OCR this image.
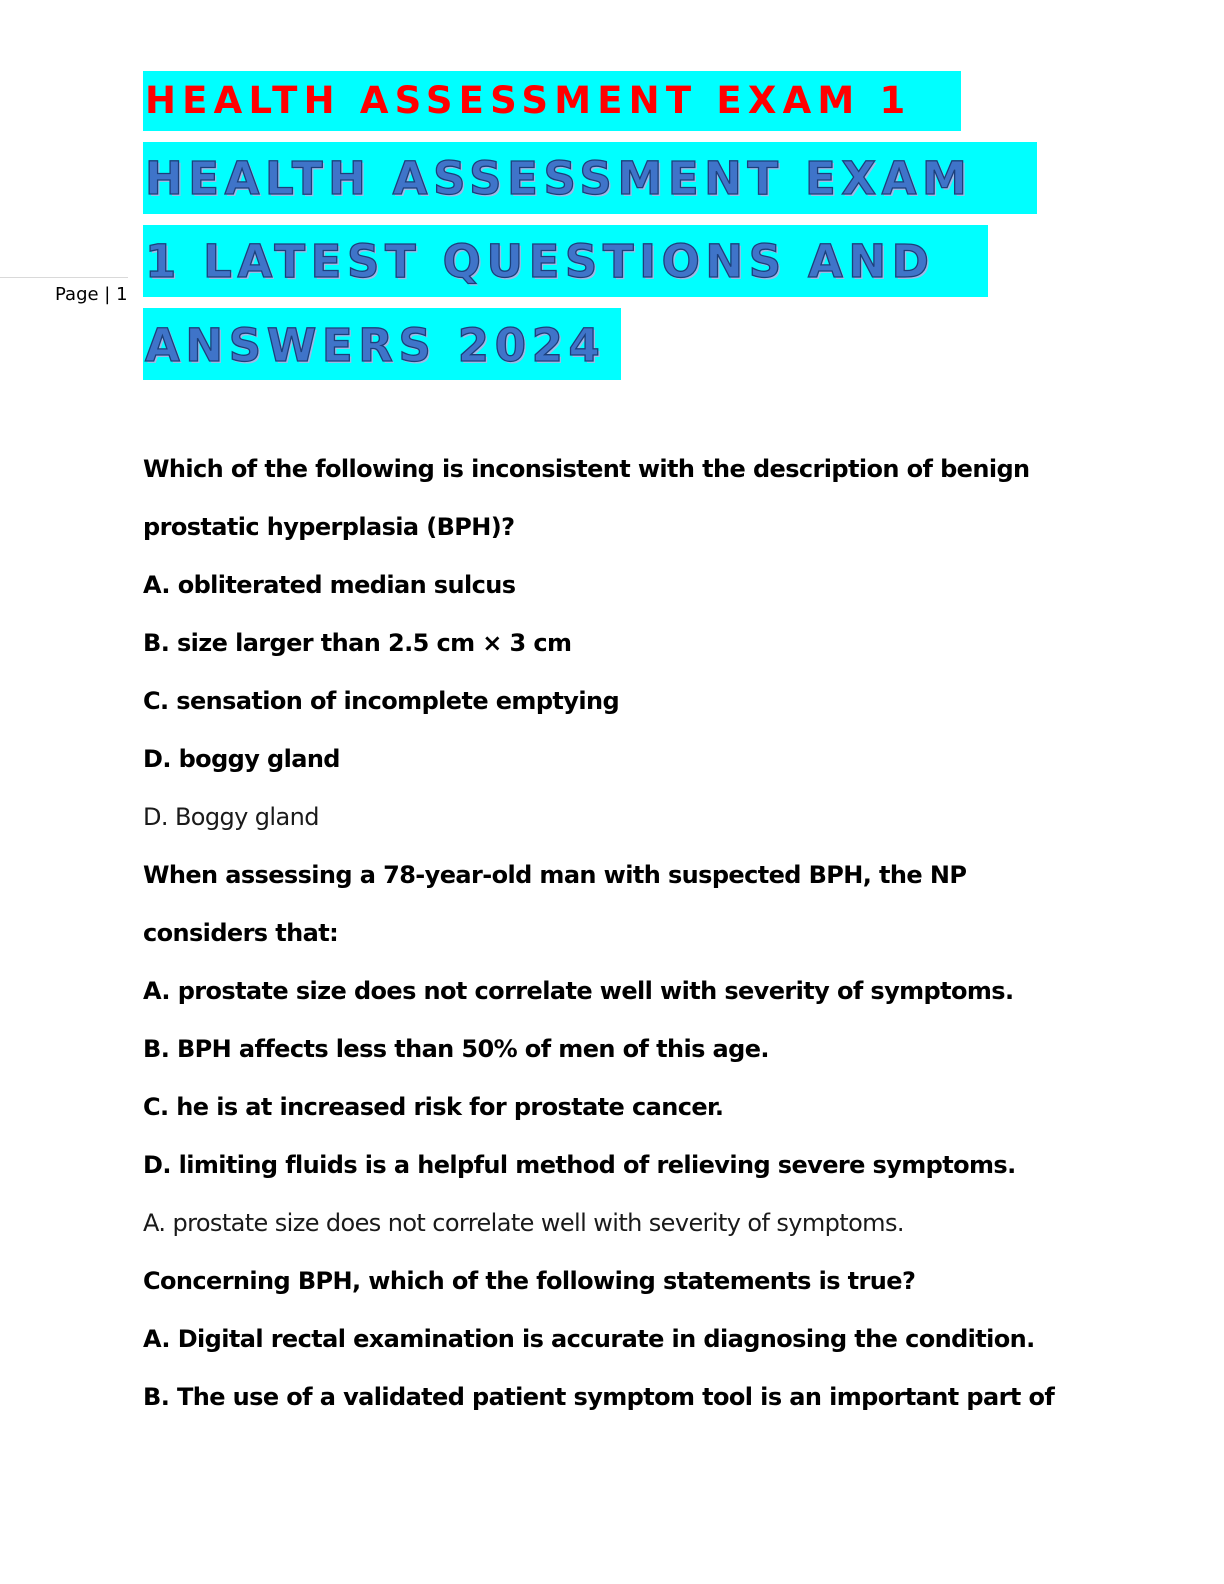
Page | 1
HEALTH ASSESSMENT EXAM 1
HEALTH ASSESSMENT EXAM
1 LATEST QUESTIONS AND
ANSWERS 2024
Which of the following is inconsistent with the description of benign
prostatic hyperplasia (BPH)?
A. obliterated median sulcus
B. size larger than 2.5 cm × 3 cm
C. sensation of incomplete emptying
D. boggy gland
D. Boggy gland
When assessing a 78-year-old man with suspected BPH, the NP
considers that:
A. prostate size does not correlate well with severity of symptoms.
B. BPH affects less than 50% of men of this age.
C. he is at increased risk for prostate cancer.
D. limiting fluids is a helpful method of relieving severe symptoms.
A. prostate size does not correlate well with severity of symptoms.
Concerning BPH, which of the following statements is true?
A. Digital rectal examination is accurate in diagnosing the condition.
B. The use of a validated patient symptom tool is an important part of
